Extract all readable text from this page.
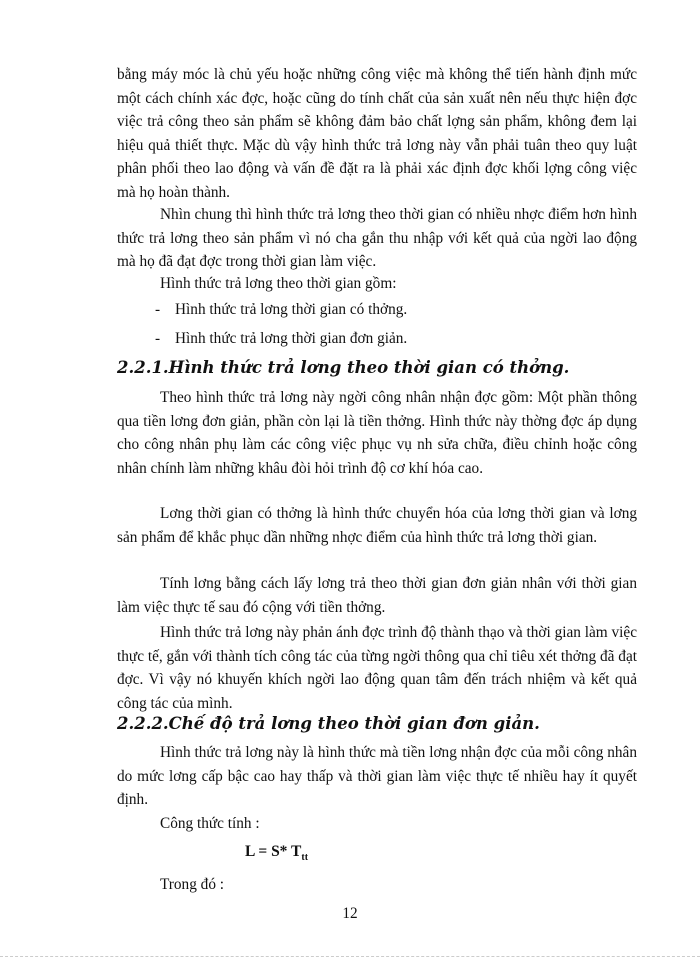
bằng máy móc là chủ yếu hoặc những công việc mà không thể tiến hành định mức một cách chính xác đợc, hoặc cũng do tính chất của sản xuất nên nếu thực hiện đợc việc trả công theo sản phẩm sẽ không đảm bảo chất lợng sản phẩm, không đem lại hiệu quả thiết thực. Mặc dù vậy hình thức trả lơng này vẫn phải tuân theo quy luật phân phối theo lao động và vấn đề đặt ra là phải xác định đợc khối lợng công việc mà họ hoàn thành.

Nhìn chung thì hình thức trả lơng theo thời gian có nhiều nhợc điểm hơn hình thức trả lơng theo sản phẩm vì nó cha gắn thu nhập với kết quả của ngời lao động mà họ đã đạt đợc trong thời gian làm việc.

Hình thức trả lơng theo thời gian gồm:

- Hình thức trả lơng thời gian có thởng.
- Hình thức trả lơng thời gian đơn giản.
2.2.1.Hình thức trả lơng theo thời gian có thởng.

Theo hình thức trả lơng này ngời công nhân nhận đợc gồm: Một phần thông qua tiền lơng đơn giản, phần còn lại là tiền thởng. Hình thức này thờng đợc áp dụng cho công nhân phụ làm các công việc phục vụ nh sửa chữa, điều chỉnh hoặc công nhân chính làm những khâu đòi hỏi trình độ cơ khí hóa cao.

Lơng thời gian có thởng là hình thức chuyển hóa của lơng thời gian và lơng sản phẩm để khắc phục dần những nhợc điểm của hình thức trả lơng thời gian.

Tính lơng bằng cách lấy lơng trả theo thời gian đơn giản nhân với thời gian làm việc thực tế sau đó cộng với tiền thởng.

Hình thức trả lơng này phản ánh đợc trình độ thành thạo và thời gian làm việc thực tế, gắn với thành tích công tác của từng ngời thông qua chỉ tiêu xét thởng đã đạt đợc. Vì vậy nó khuyến khích ngời lao động quan tâm đến trách nhiệm và kết quả công tác của mình.

2.2.2.Chế độ trả lơng theo thời gian đơn giản.

Hình thức trả lơng này là hình thức mà tiền lơng nhận đợc của mỗi công nhân do mức lơng cấp bậc cao hay thấp và thời gian làm việc thực tế nhiều hay ít quyết định.

Công thức tính :

L = S* $T_{tt}$

Trong đó :

12
